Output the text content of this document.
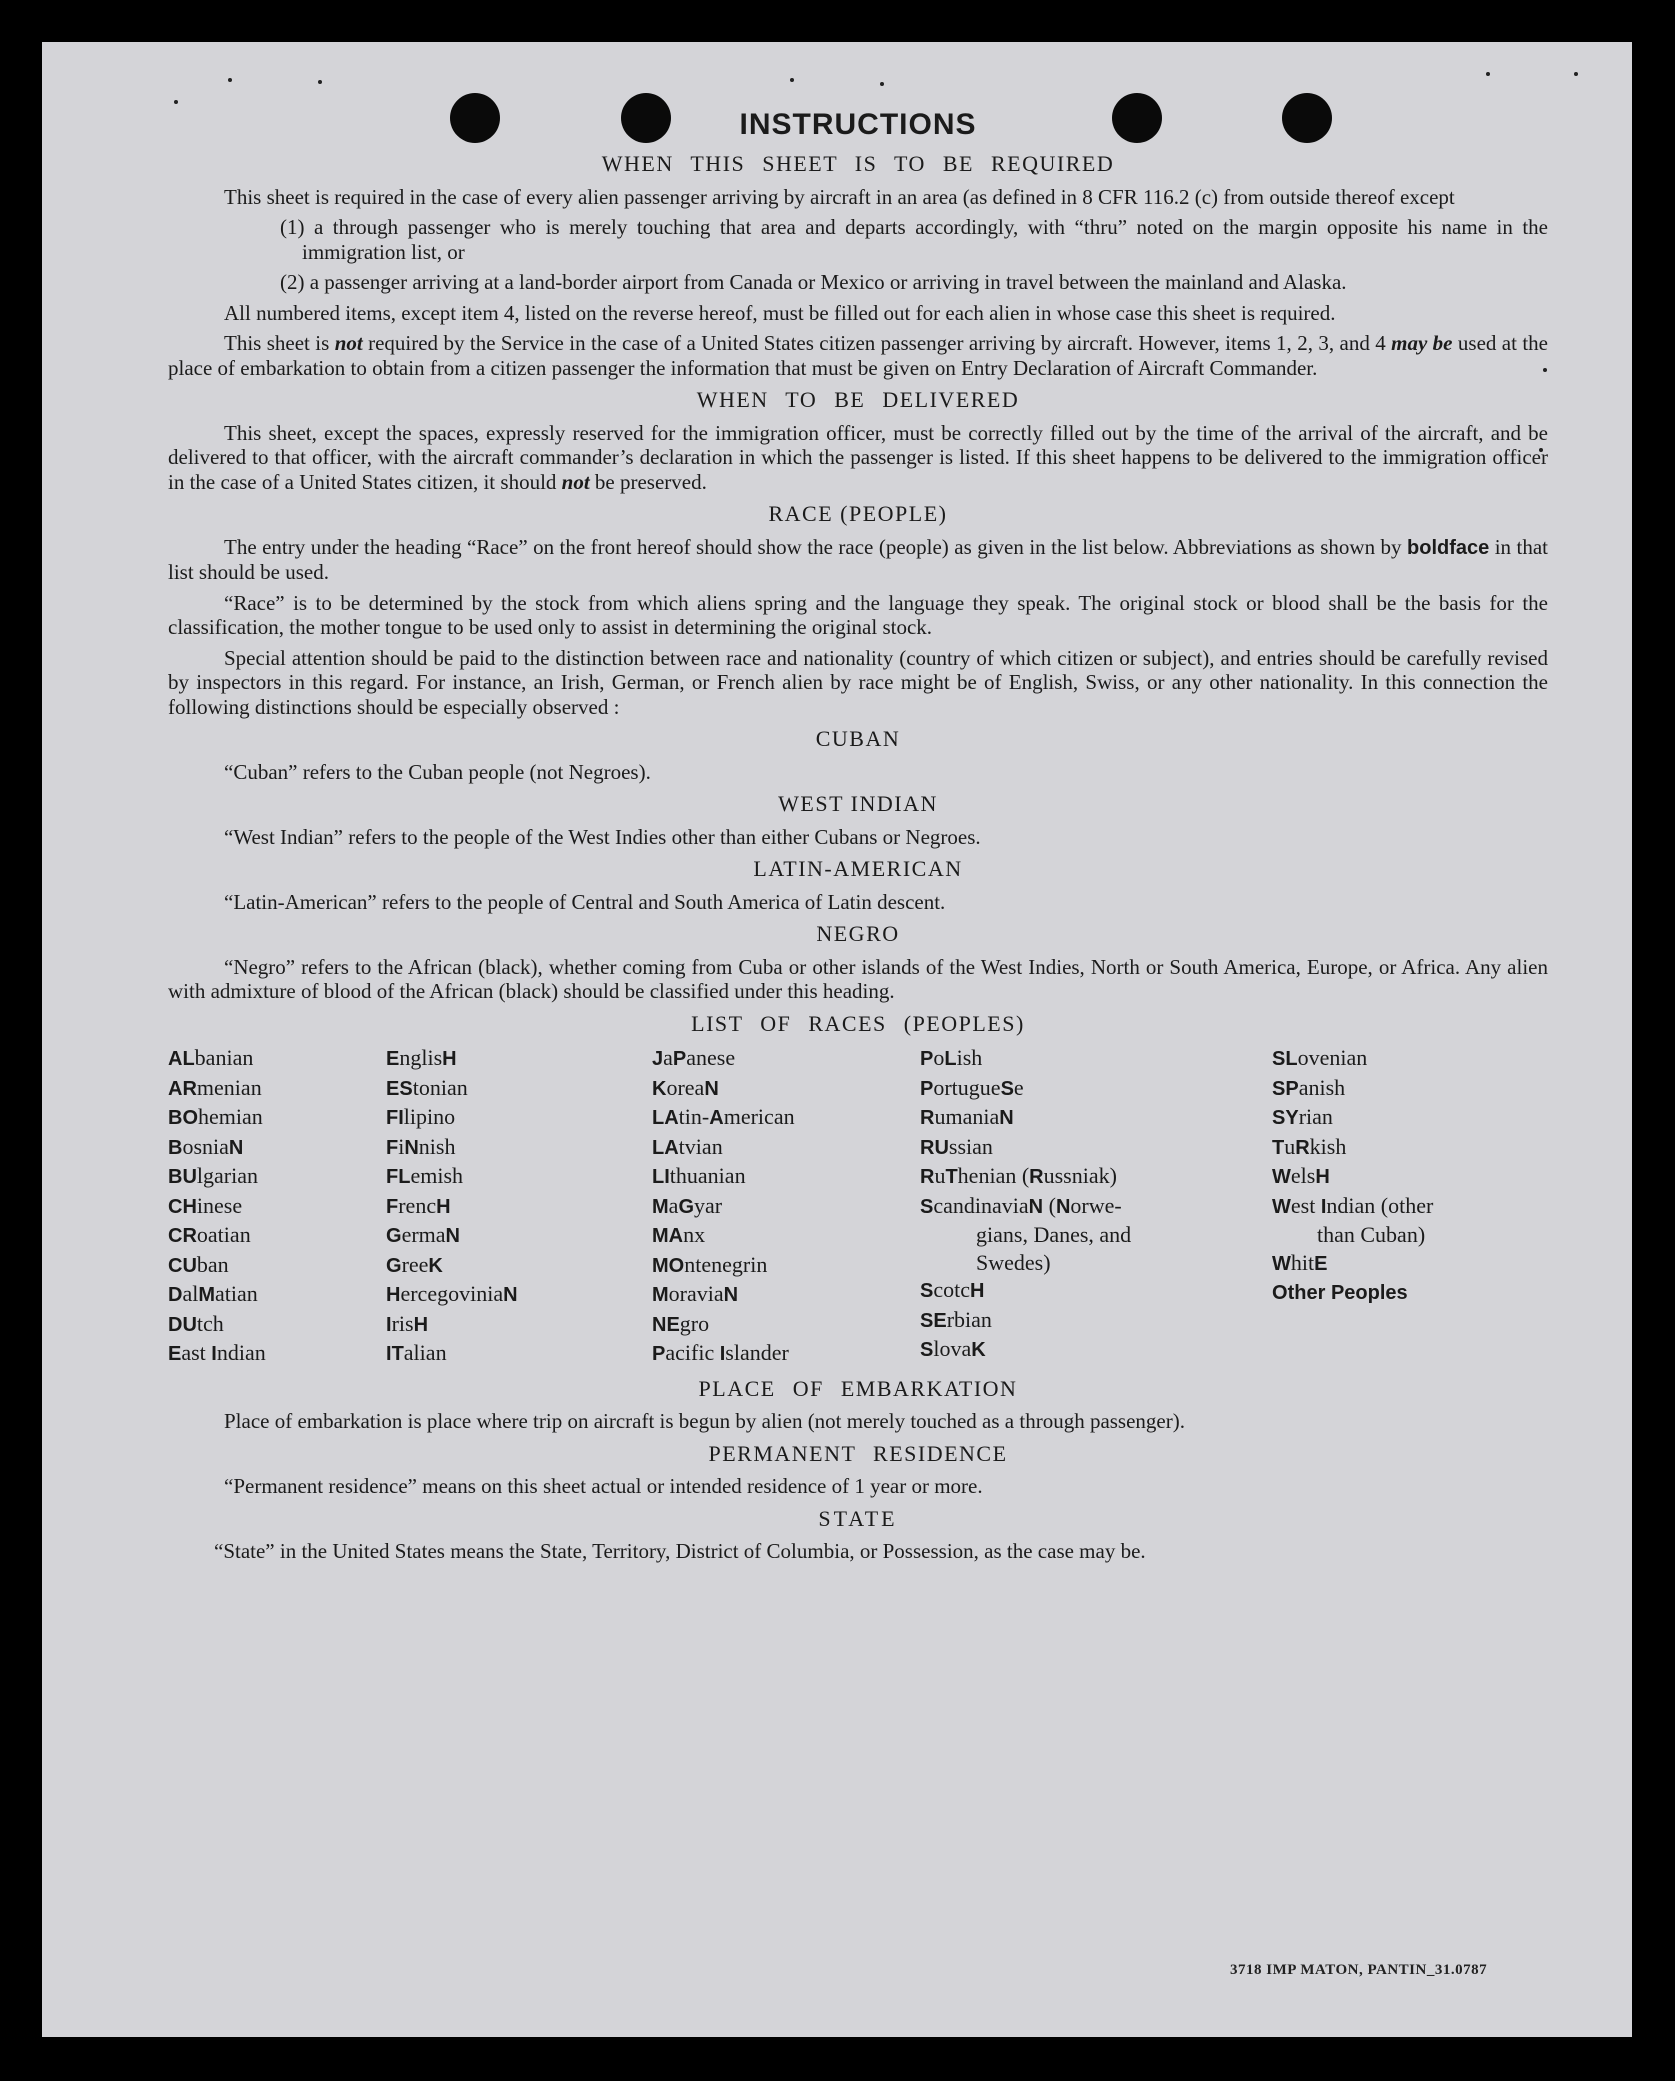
INSTRUCTIONS
WHEN THIS SHEET IS TO BE REQUIRED

This sheet is required in the case of every alien passenger arriving by aircraft in an area (as defined in 8 CFR 116.2 (c) from outside thereof except

(1) a through passenger who is merely touching that area and departs accordingly, with “thru” noted on the margin opposite his name in the immigration list, or

(2) a passenger arriving at a land-border airport from Canada or Mexico or arriving in travel between the mainland and Alaska.

All numbered items, except item 4, listed on the reverse hereof, must be filled out for each alien in whose case this sheet is required.

This sheet is not required by the Service in the case of a United States citizen passenger arriving by aircraft. However, items 1, 2, 3, and 4 may be used at the place of embarkation to obtain from a citizen passenger the information that must be given on Entry Declaration of Aircraft Commander.

WHEN TO BE DELIVERED

This sheet, except the spaces, expressly reserved for the immigration officer, must be correctly filled out by the time of the arrival of the aircraft, and be delivered to that officer, with the aircraft commander’s declaration in which the passenger is listed. If this sheet happens to be delivered to the immigration officer in the case of a United States citizen, it should not be preserved.

RACE (PEOPLE)

The entry under the heading “Race” on the front hereof should show the race (people) as given in the list below. Abbreviations as shown by boldface in that list should be used.

“Race” is to be determined by the stock from which aliens spring and the language they speak. The original stock or blood shall be the basis for the classification, the mother tongue to be used only to assist in determining the original stock.

Special attention should be paid to the distinction between race and nationality (country of which citizen or subject), and entries should be carefully revised by inspectors in this regard. For instance, an Irish, German, or French alien by race might be of English, Swiss, or any other nationality. In this connection the following distinctions should be especially observed :

CUBAN

“Cuban” refers to the Cuban people (not Negroes).

WEST INDIAN

“West Indian” refers to the people of the West Indies other than either Cubans or Negroes.

LATIN-AMERICAN

“Latin-American” refers to the people of Central and South America of Latin descent.

NEGRO

“Negro” refers to the African (black), whether coming from Cuba or other islands of the West Indies, North or South America, Europe, or Africa. Any alien with admixture of blood of the African (black) should be classified under this heading.

LIST OF RACES (PEOPLES)
ALbanian
ARmenian
BOhemian
BosniaN
BUlgarian
CHinese
CRoatian
CUban
DalMatian
DUtch
East Indian
EnglisH
EStonian
FIlipino
FiNnish
FLemish
FrencH
GermaN
GreeK
HercegoviniaN
IrisH
ITalian
JaPanese
KoreaN
LAtin-American
LAtvian
LIthuanian
MaGyar
MAnx
MOntenegrin
MoraviaN
NEgro
Pacific Islander
PoLish
PortugueSe
RumaniaN
RUssian
RuThenian (Russniak)
ScandinaviaN (Norwe-
gians, Danes, and
Swedes)
ScotcH
SErbian
SlovaK
SLovenian
SPanish
SYrian
TuRkish
WelsH
West Indian (other
than Cuban)
WhitE
Other Peoples
PLACE OF EMBARKATION

Place of embarkation is place where trip on aircraft is begun by alien (not merely touched as a through passenger).

PERMANENT RESIDENCE

“Permanent residence” means on this sheet actual or intended residence of 1 year or more.

STATE

“State” in the United States means the State, Territory, District of Columbia, or Possession, as the case may be.

3718 IMP MATON, PANTIN_31.0787
